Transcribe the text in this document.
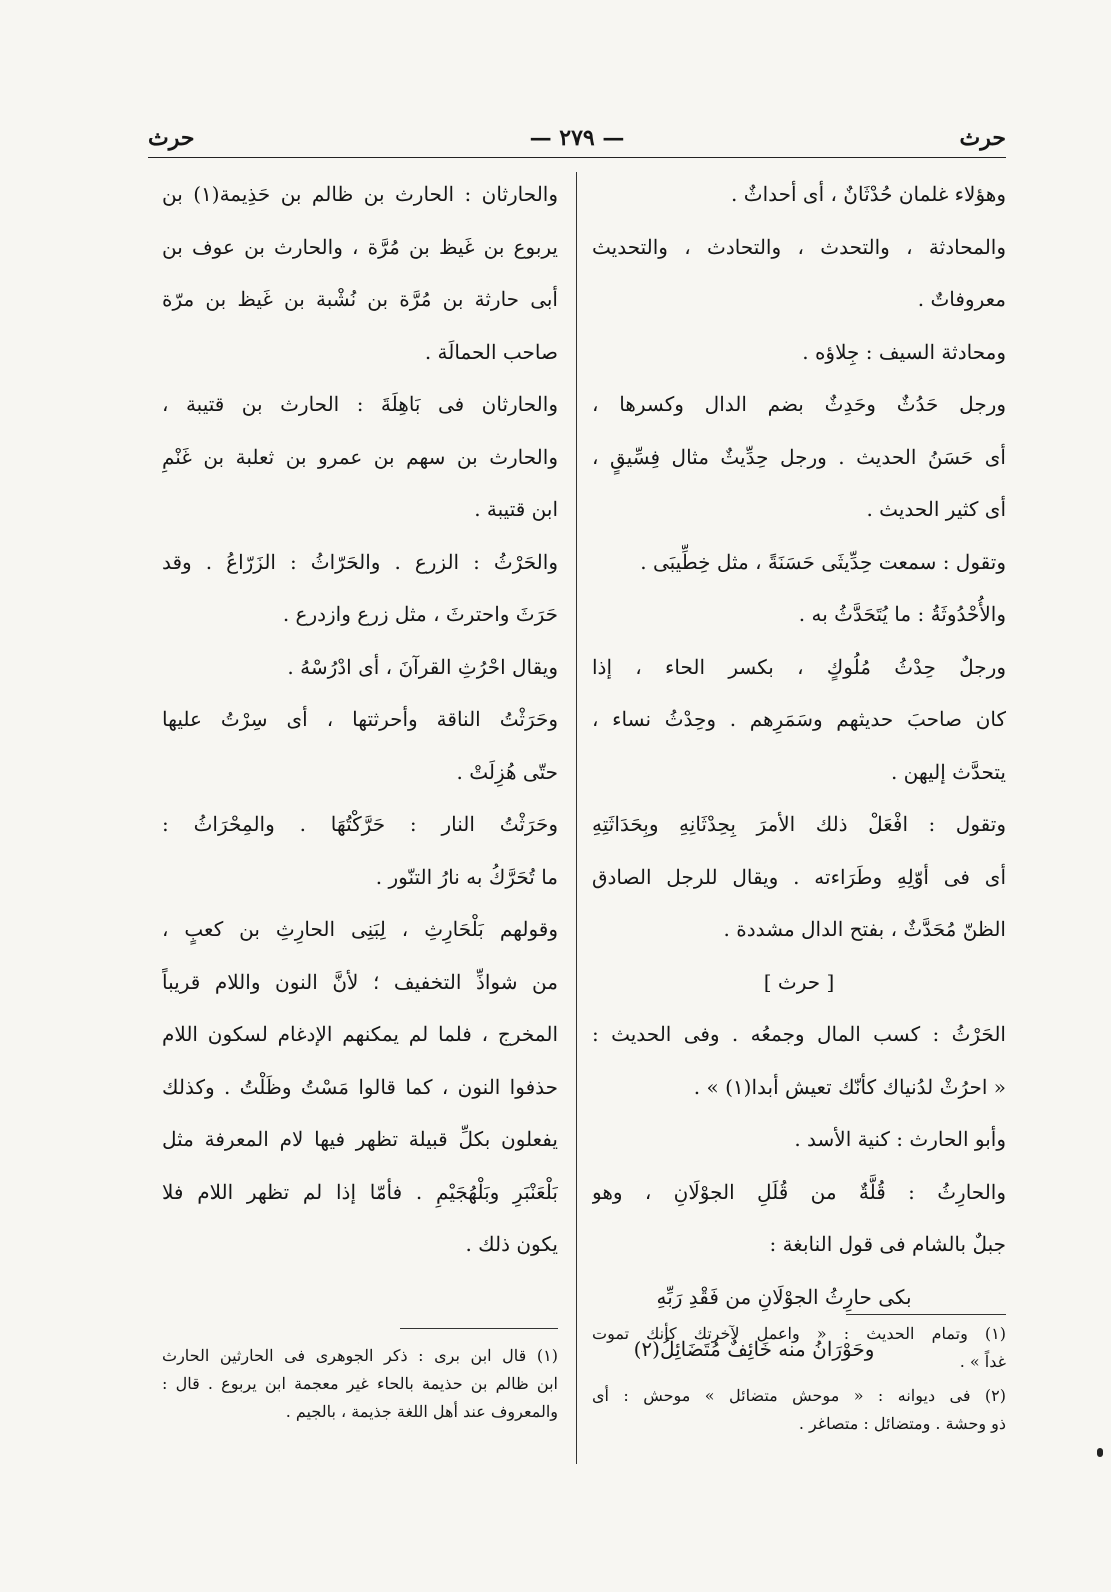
حرث
— ٢٧٩ —
حرث
وهؤلاء غلمان حُدْثَانٌ ، أى أحداثٌ .
والمحادثة ، والتحدث ، والتحادث ، والتحديث
معروفاتٌ .
ومحادثة السيف : جِلاؤه .
ورجل حَدُثٌ وحَدِثٌ بضم الدال وكسرها ،
أى حَسَنُ الحديث . ورجل حِدِّيثٌ مثال فِسِّيقٍ ،
أى كثير الحديث .
وتقول : سمعت حِدِّيثَى حَسَنَةً ، مثل خِطِّيبَى .
والأُحْدُوثَةُ : ما يُتَحَدَّثُ به .
ورجلٌ حِدْثُ مُلُوكٍ ، بكسر الحاء ، إذا
كان صاحبَ حديثهم وسَمَرِهم . وحِدْثُ نساء ،
يتحدَّث إليهن .
وتقول : افْعَلْ ذلك الأمرَ بِحِدْثَانِهِ وبِحَدَاثَتِهِ
أى فى أوّلِهِ وطَرَاءته . ويقال للرجل الصادق
الظنّ مُحَدَّثٌ ، بفتح الدال مشددة .
[ حرث ]
الحَرْثُ : كسب المال وجمعُه . وفى الحديث :
« احرُثْ لدُنياك كأنّك تعيش أبدا(١) » .
وأبو الحارث : كنية الأسد .
والحارِثُ : قُلَّةٌ من قُلَلِ الجوْلَانِ ، وهو
جبلٌ بالشام فى قول النابغة :
بكى حارِثُ الجوْلَانِ من فَقْدِ رَبِّهِ
وحَوْرَانُ منه خَائِفٌ مُتَضَائِلُ(٢)
والحارثان : الحارث بن ظالم بن حَذِيمة(١) بن
يربوع بن غَيظ بن مُرَّة ، والحارث بن عوف بن
أبى حارثة بن مُرَّة بن نُشْبة بن غَيظ بن مرّة
صاحب الحمالَة .
والحارثان فى بَاهِلَةَ : الحارث بن قتيبة ،
والحارث بن سهم بن عمرو بن ثعلبة بن غَنْمِ
ابن قتيبة .
والحَرْثُ : الزرع . والحَرّاثُ : الزَرّاعُ . وقد
حَرَثَ واحترثَ ، مثل زرع وازدرع .
ويقال احْرُثِ القرآنَ ، أى ادْرُسْهُ .
وحَرَثْتُ الناقة وأحرثتها ، أى سِرْتُ عليها
حتّى هُزِلَتْ .
وحَرَثْتُ النار : حَرَّكْتُهَا . والمِحْرَاثُ :
ما تُحَرَّكُ به نارُ التنّور .
وقولهم بَلْحَارِثِ ، لِبَنِى الحارِثِ بن كعبٍ ،
من شواذِّ التخفيف ؛ لأنَّ النون واللام قريباً
المخرج ، فلما لم يمكنهم الإدغام لسكون اللام
حذفوا النون ، كما قالوا مَسْتُ وظَلْتُ . وكذلك
يفعلون بكلِّ قبيلة تظهر فيها لام المعرفة مثل
بَلْعَنْبَرِ وبَلْهُجَيْمِ . فأمّا إذا لم تظهر اللام فلا
يكون ذلك .
(١) وتمام الحديث : « واعمل لآخرتك كأنك تموت
غداً » .
(٢) فى ديوانه : « موحش متضائل » موحش : أى
ذو وحشة . ومتضائل : متصاغر .
(١) قال ابن برى : ذكر الجوهرى فى الحارثين الحارث
ابن ظالم بن حذيمة بالحاء غير معجمة ابن يربوع . قال :
والمعروف عند أهل اللغة جذيمة ، بالجيم .
